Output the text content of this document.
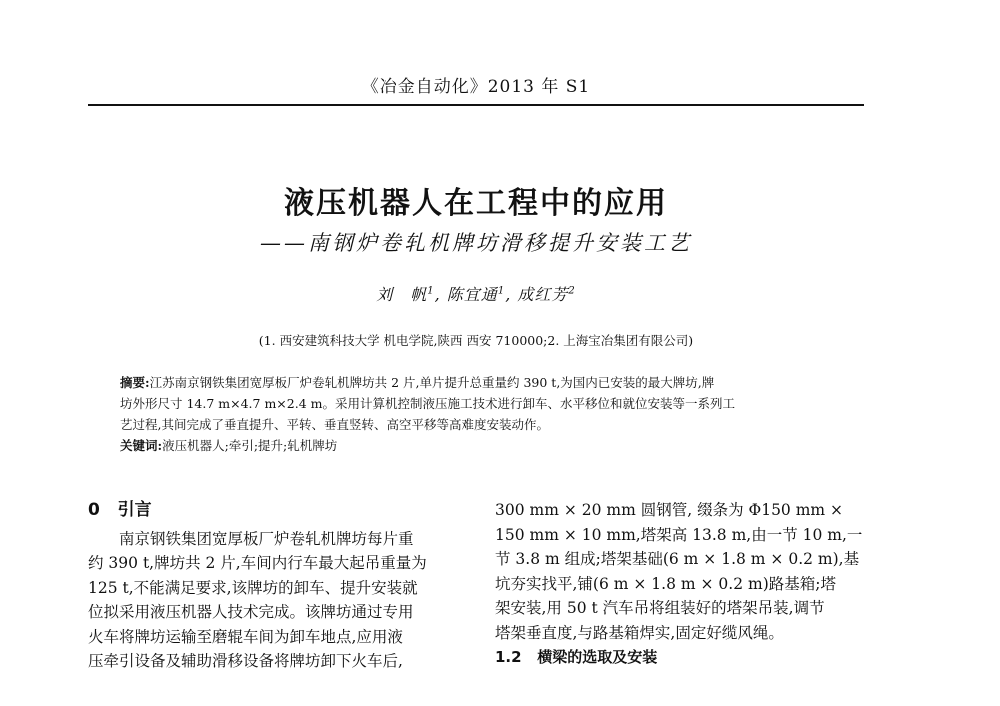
《冶金自动化》2013 年 S1
液压机器人在工程中的应用
——南钢炉卷轧机牌坊滑移提升安装工艺
刘　帆$^1$, 陈宜通$^1$, 成红芳$^2$
(1. 西安建筑科技大学 机电学院,陕西 西安 710000;2. 上海宝冶集团有限公司)
摘要:江苏南京钢铁集团宽厚板厂炉卷轧机牌坊共 2 片,单片提升总重量约 390 t,为国内已安装的最大牌坊,牌
坊外形尺寸 14.7 m×4.7 m×2.4 m。采用计算机控制液压施工技术进行卸车、水平移位和就位安装等一系列工
艺过程,其间完成了垂直提升、平转、垂直竖转、高空平移等高难度安装动作。
关键词:液压机器人;牵引;提升;轧机牌坊
0 引言
南京钢铁集团宽厚板厂炉卷轧机牌坊每片重
约 390 t,牌坊共 2 片,车间内行车最大起吊重量为
125 t,不能满足要求,该牌坊的卸车、提升安装就
位拟采用液压机器人技术完成。该牌坊通过专用
火车将牌坊运输至磨辊车间为卸车地点,应用液
压牵引设备及辅助滑移设备将牌坊卸下火车后,
300 mm × 20 mm 圆钢管, 缀条为 Φ150 mm ×
150 mm × 10 mm,塔架高 13.8 m,由一节 10 m,一
节 3.8 m 组成;塔架基础(6 m × 1.8 m × 0.2 m),基
坑夯实找平,铺(6 m × 1.8 m × 0.2 m)路基箱;塔
架安装,用 50 t 汽车吊将组装好的塔架吊装,调节
塔架垂直度,与路基箱焊实,固定好缆风绳。
1.2 横梁的选取及安装
